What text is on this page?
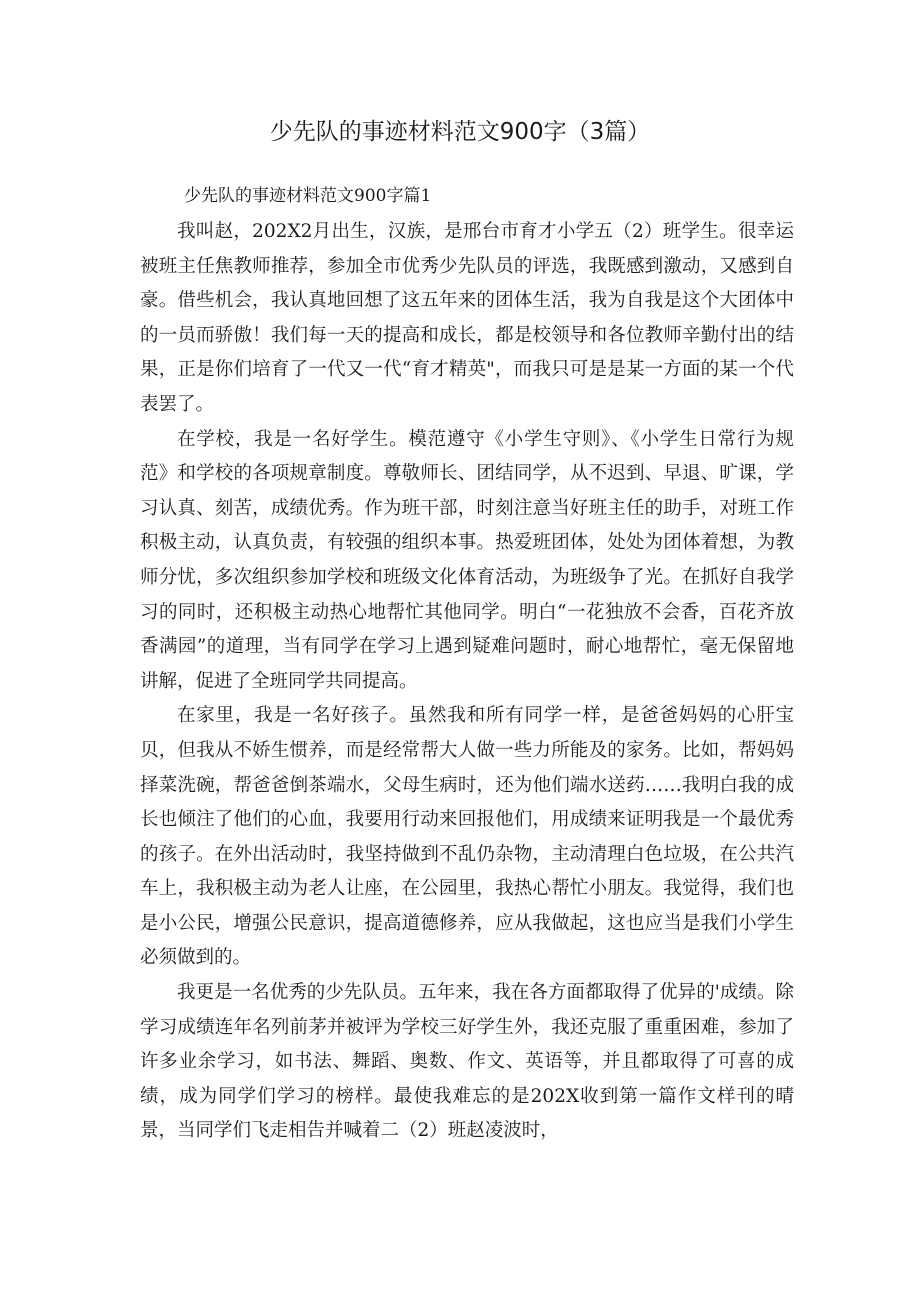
少先队的事迹材料范文900字（3篇）

少先队的事迹材料范文900字篇1

我叫赵，202X2月出生，汉族，是邢台市育才小学五（2）班学生。很幸运被班主任焦教师推荐，参加全市优秀少先队员的评选，我既感到激动，又感到自豪。借些机会，我认真地回想了这五年来的团体生活，我为自我是这个大团体中的一员而骄傲！我们每一天的提高和成长，都是校领导和各位教师辛勤付出的结果，正是你们培育了一代又一代“育才精英"，而我只可是是某一方面的某一个代表罢了。

在学校，我是一名好学生。模范遵守《小学生守则》、《小学生日常行为规范》和学校的各项规章制度。尊敬师长、团结同学，从不迟到、早退、旷课，学习认真、刻苦，成绩优秀。作为班干部，时刻注意当好班主任的助手，对班工作积极主动，认真负责，有较强的组织本事。热爱班团体，处处为团体着想，为教师分忧，多次组织参加学校和班级文化体育活动，为班级争了光。在抓好自我学习的同时，还积极主动热心地帮忙其他同学。明白“一花独放不会香，百花齐放香满园”的道理，当有同学在学习上遇到疑难问题时，耐心地帮忙，毫无保留地讲解，促进了全班同学共同提高。

在家里，我是一名好孩子。虽然我和所有同学一样，是爸爸妈妈的心肝宝贝，但我从不娇生惯养，而是经常帮大人做一些力所能及的家务。比如，帮妈妈择菜洗碗，帮爸爸倒茶端水，父母生病时，还为他们端水送药……我明白我的成长也倾注了他们的心血，我要用行动来回报他们，用成绩来证明我是一个最优秀的孩子。在外出活动时，我坚持做到不乱仍杂物，主动清理白色垃圾，在公共汽车上，我积极主动为老人让座，在公园里，我热心帮忙小朋友。我觉得，我们也是小公民，增强公民意识，提高道德修养，应从我做起，这也应当是我们小学生必须做到的。

我更是一名优秀的少先队员。五年来，我在各方面都取得了优异的'成绩。除学习成绩连年名列前茅并被评为学校三好学生外，我还克服了重重困难，参加了许多业余学习，如书法、舞蹈、奥数、作文、英语等，并且都取得了可喜的成绩，成为同学们学习的榜样。最使我难忘的是202X收到第一篇作文样刊的晴景，当同学们飞走相告并喊着二（2）班赵凌波时，
